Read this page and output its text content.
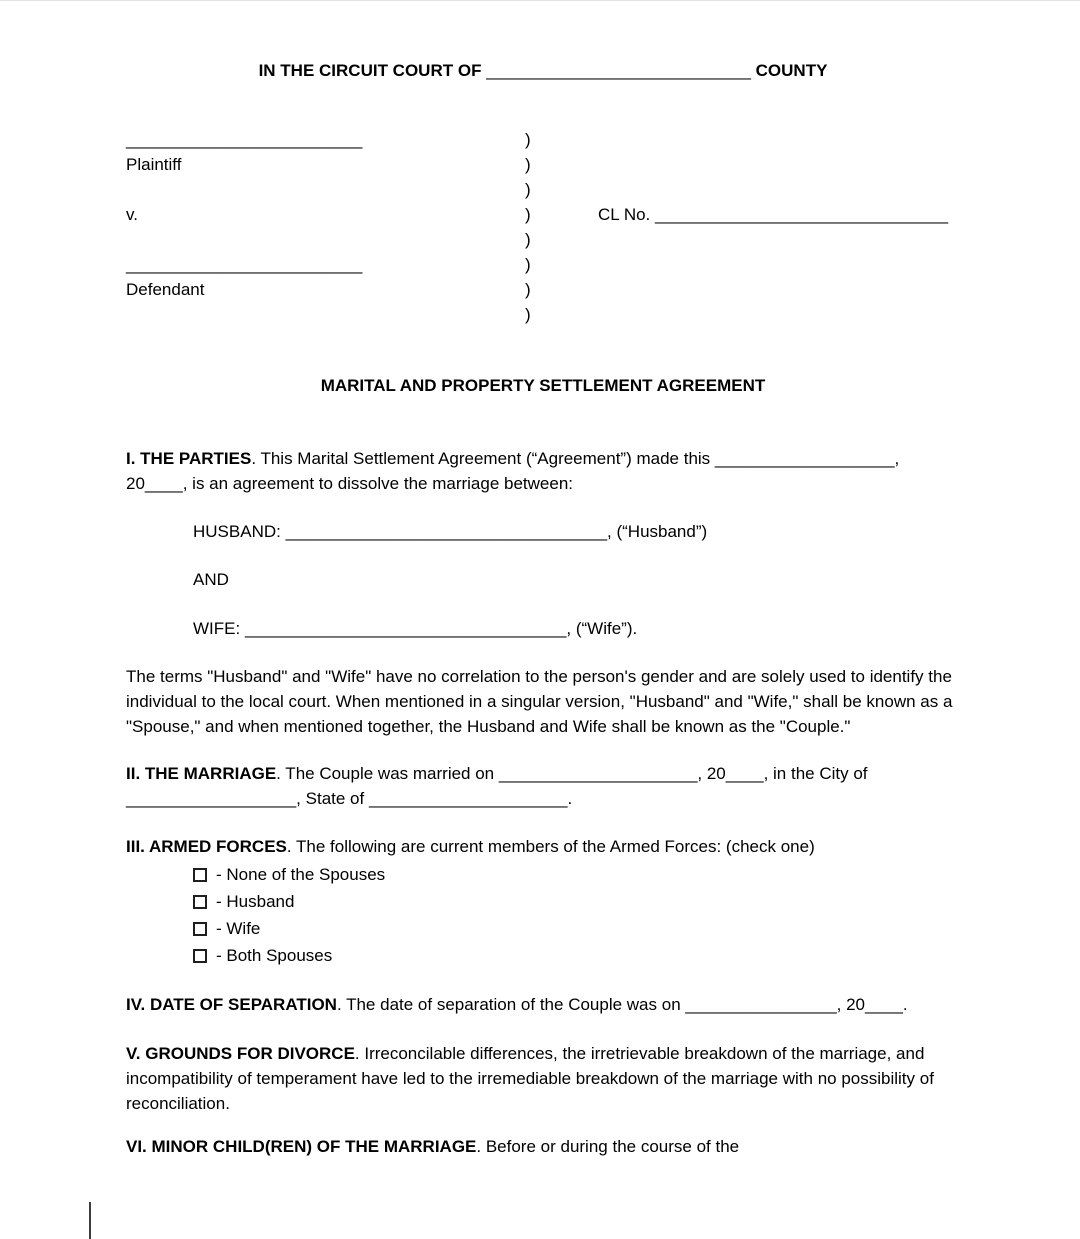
IN THE CIRCUIT COURT OF ____________________________ COUNTY
_________________________
Plaintiff
v.
_________________________
Defendant
)
)
)
)
)
)
)
)
CL No. _______________________________
MARITAL AND PROPERTY SETTLEMENT AGREEMENT

I. THE PARTIES. This Marital Settlement Agreement (“Agreement”) made this ___________________, 20____, is an agreement to dissolve the marriage between:

HUSBAND: __________________________________, (“Husband”)

AND

WIFE: __________________________________, (“Wife”).

The terms "Husband" and "Wife" have no correlation to the person's gender and are solely used to identify the individual to the local court. When mentioned in a singular version, "Husband" and "Wife," shall be known as a "Spouse," and when mentioned together, the Husband and Wife shall be known as the "Couple."

II. THE MARRIAGE. The Couple was married on _____________________, 20____, in the City of __________________, State of _____________________.

III. ARMED FORCES. The following are current members of the Armed Forces: (check one)

- None of the Spouses
- Husband
- Wife
- Both Spouses

IV. DATE OF SEPARATION. The date of separation of the Couple was on ________________, 20____.

V. GROUNDS FOR DIVORCE. Irreconcilable differences, the irretrievable breakdown of the marriage, and incompatibility of temperament have led to the irremediable breakdown of the marriage with no possibility of reconciliation.

VI. MINOR CHILD(REN) OF THE MARRIAGE. Before or during the course of the
